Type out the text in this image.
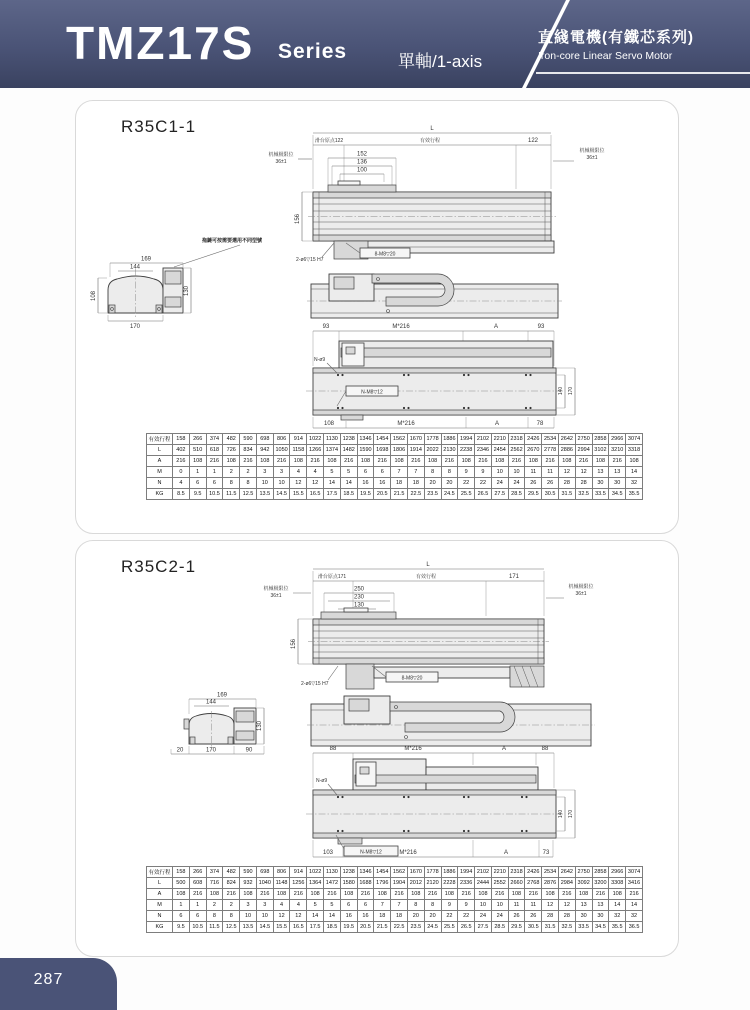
TMZ17S Series	單軸/1-axis
直綫電機(有鐵芯系列)
Iron-core Linear Servo Motor
R35C1-1	L
滑台原点122	有效行程	122
152
136
100
机械极限位
36±1
机械极限位
36±1
156
2-ø6▽15 H7
8-M8▽20
拖鏈可按需要選用不同型號
169
144
108	130
170	93	M*216	A	93
N-ø9
N-M8▽12	140 170
108	M*216	A	78
有效行程	158	266	374	482	590	698	806	914	1022	1130	1238	1346	1454	1562	1670	1778	1886	1994	2102	2210	2318	2426	2534	2642	2750	2858	2966	3074
L	402	510	618	726	834	942	1050	1158	1266	1374	1482	1590	1698	1806	1914	2022	2130	2238	2346	2454	2562	2670	2778	2886	2994	3102	3210	3318
A	216	108	216	108	216	108	216	108	216	108	216	108	216	108	216	108	216	108	216	108	216	108	216	108	216	108	216	108
M	0	1	1	2	2	3	3	4	4	5	5	6	6	7	7	8	8	9	9	10	10	11	11	12	12	13	13	14
N	4	6	6	8	8	10	10	12	12	14	14	16	16	18	18	20	20	22	22	24	24	26	26	28	28	30	30	32
KG	8.5	9.5	10.5	11.5	12.5	13.5	14.5	15.5	16.5	17.5	18.5	19.5	20.5	21.5	22.5	23.5	24.5	25.5	26.5	27.5	28.5	29.5	30.5	31.5	32.5	33.5	34.5	35.5
R35C2-1	L
滑台原点171	有效行程	171
250
230
130
机械极限位
36±1
机械极限位
36±1
156
2-ø6▽15 H7
8-M8▽20
169
144
130
20	170	90	88	M*216	A	88
N-ø9
N-M8▽12
140 170
103	M*216	A	73
有效行程	158	266	374	482	590	698	806	914	1022	1130	1238	1346	1454	1562	1670	1778	1886	1994	2102	2210	2318	2426	2534	2642	2750	2858	2966	3074
L	500	608	716	824	932	1040	1148	1256	1364	1472	1580	1688	1796	1904	2012	2120	2228	2336	2444	2552	2660	2768	2876	2984	3092	3200	3308	3416
A	108	216	108	216	108	216	108	216	108	216	108	216	108	216	108	216	108	216	108	216	108	216	108	216	108	216	108	216
M	1	1	2	2	3	3	4	4	5	5	6	6	7	7	8	8	9	9	10	10	11	11	12	12	13	13	14	14
N	6	6	8	8	10	10	12	12	14	14	16	16	18	18	20	20	22	22	24	24	26	26	28	28	30	30	32	32
KG	9.5	10.5	11.5	12.5	13.5	14.5	15.5	16.5	17.5	18.5	19.5	20.5	21.5	22.5	23.5	24.5	25.5	26.5	27.5	28.5	29.5	30.5	31.5	32.5	33.5	34.5	35.5	36.5
287
